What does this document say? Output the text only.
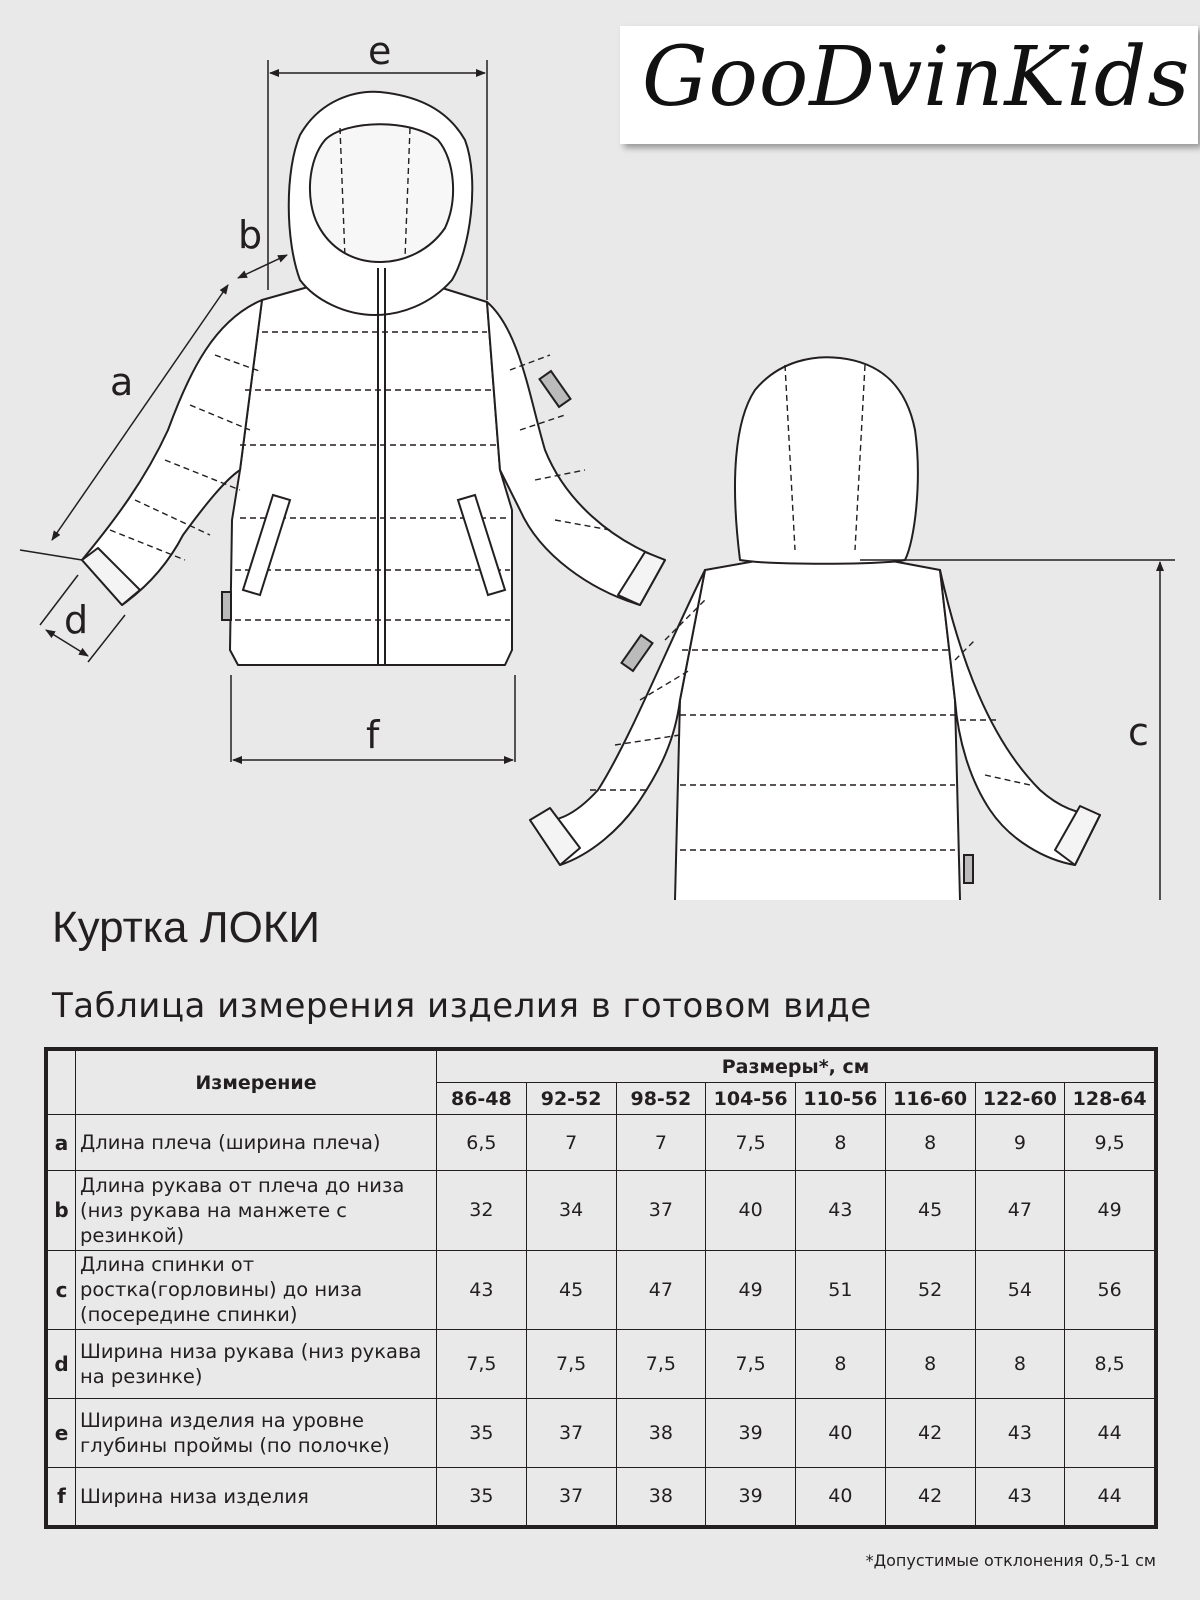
e
b
a
d
f	c
GooDvinKids
Куртка ЛОКИ
Таблица измерения изделия в готовом виде
	Измерение	Размеры*, см							
		86-48	92-52	98-52	104-56	110-56	116-60	122-60	128-64
a	Длина плеча (ширина плеча)	6,5	7	7	7,5	8	8	9	9,5
b	Длина рукава от плеча до низа (низ рукава на манжете с резинкой)	32	34	37	40	43	45	47	49
c	Длина спинки от ростка(горловины) до низа (посередине спинки)	43	45	47	49	51	52	54	56
d	Ширина низа рукава (низ рукава на резинке)	7,5	7,5	7,5	7,5	8	8	8	8,5
e	Ширина изделия на уровне глубины проймы (по полочке)	35	37	38	39	40	42	43	44
f	Ширина низа изделия	35	37	38	39	40	42	43	44
*Допустимые отклонения 0,5-1 см
